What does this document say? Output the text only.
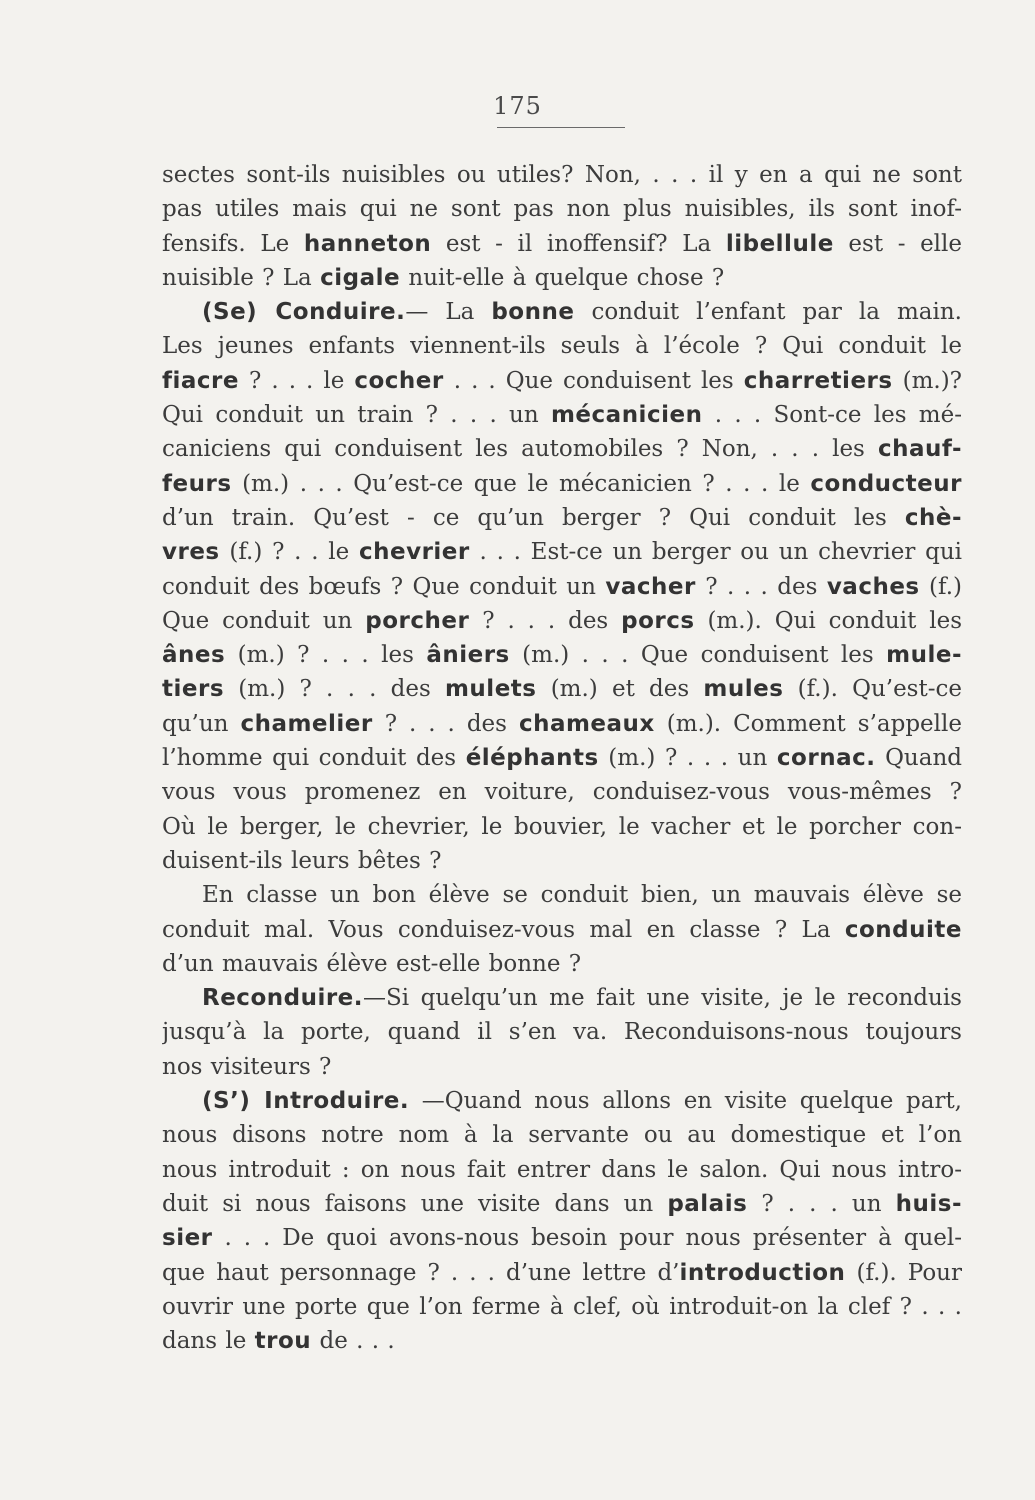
175
sectes sont-ils nuisibles ou utiles? Non, . . . il y en a qui ne sont
pas utiles mais qui ne sont pas non plus nuisibles, ils sont inof-
fensifs. Le hanneton est - il inoffensif? La libellule est - elle
nuisible ? La cigale nuit-elle à quelque chose ?
(Se) Conduire.— La bonne conduit l’enfant par la main.
Les jeunes enfants viennent-ils seuls à l’école ? Qui conduit le
fiacre ? . . . le cocher . . . Que conduisent les charretiers (m.)?
Qui conduit un train ? . . . un mécanicien . . . Sont-ce les mé-
caniciens qui conduisent les automobiles ? Non, . . . les chauf-
feurs (m.) . . . Qu’est-ce que le mécanicien ? . . . le conducteur
d’un train. Qu’est - ce qu’un berger ? Qui conduit les chè-
vres (f.) ? . . le chevrier . . . Est-ce un berger ou un chevrier qui
conduit des bœufs ? Que conduit un vacher ? . . . des vaches (f.)
Que conduit un porcher ? . . . des porcs (m.). Qui conduit les
ânes (m.) ? . . . les âniers (m.) . . . Que conduisent les mule-
tiers (m.) ? . . . des mulets (m.) et des mules (f.). Qu’est-ce
qu’un chamelier ? . . . des chameaux (m.). Comment s’appelle
l’homme qui conduit des éléphants (m.) ? . . . un cornac. Quand
vous vous promenez en voiture, conduisez-vous vous-mêmes ?
Où le berger, le chevrier, le bouvier, le vacher et le porcher con-
duisent-ils leurs bêtes ?
En classe un bon élève se conduit bien, un mauvais élève se
conduit mal. Vous conduisez-vous mal en classe ? La conduite
d’un mauvais élève est-elle bonne ?
Reconduire.—Si quelqu’un me fait une visite, je le reconduis
jusqu’à la porte, quand il s’en va. Reconduisons-nous toujours
nos visiteurs ?
(S’) Introduire. —Quand nous allons en visite quelque part,
nous disons notre nom à la servante ou au domestique et l’on
nous introduit : on nous fait entrer dans le salon. Qui nous intro-
duit si nous faisons une visite dans un palais ? . . . un huis-
sier . . . De quoi avons-nous besoin pour nous présenter à quel-
que haut personnage ? . . . d’une lettre d’introduction (f.). Pour
ouvrir une porte que l’on ferme à clef, où introduit-on la clef ? . . .
dans le trou de . . .
